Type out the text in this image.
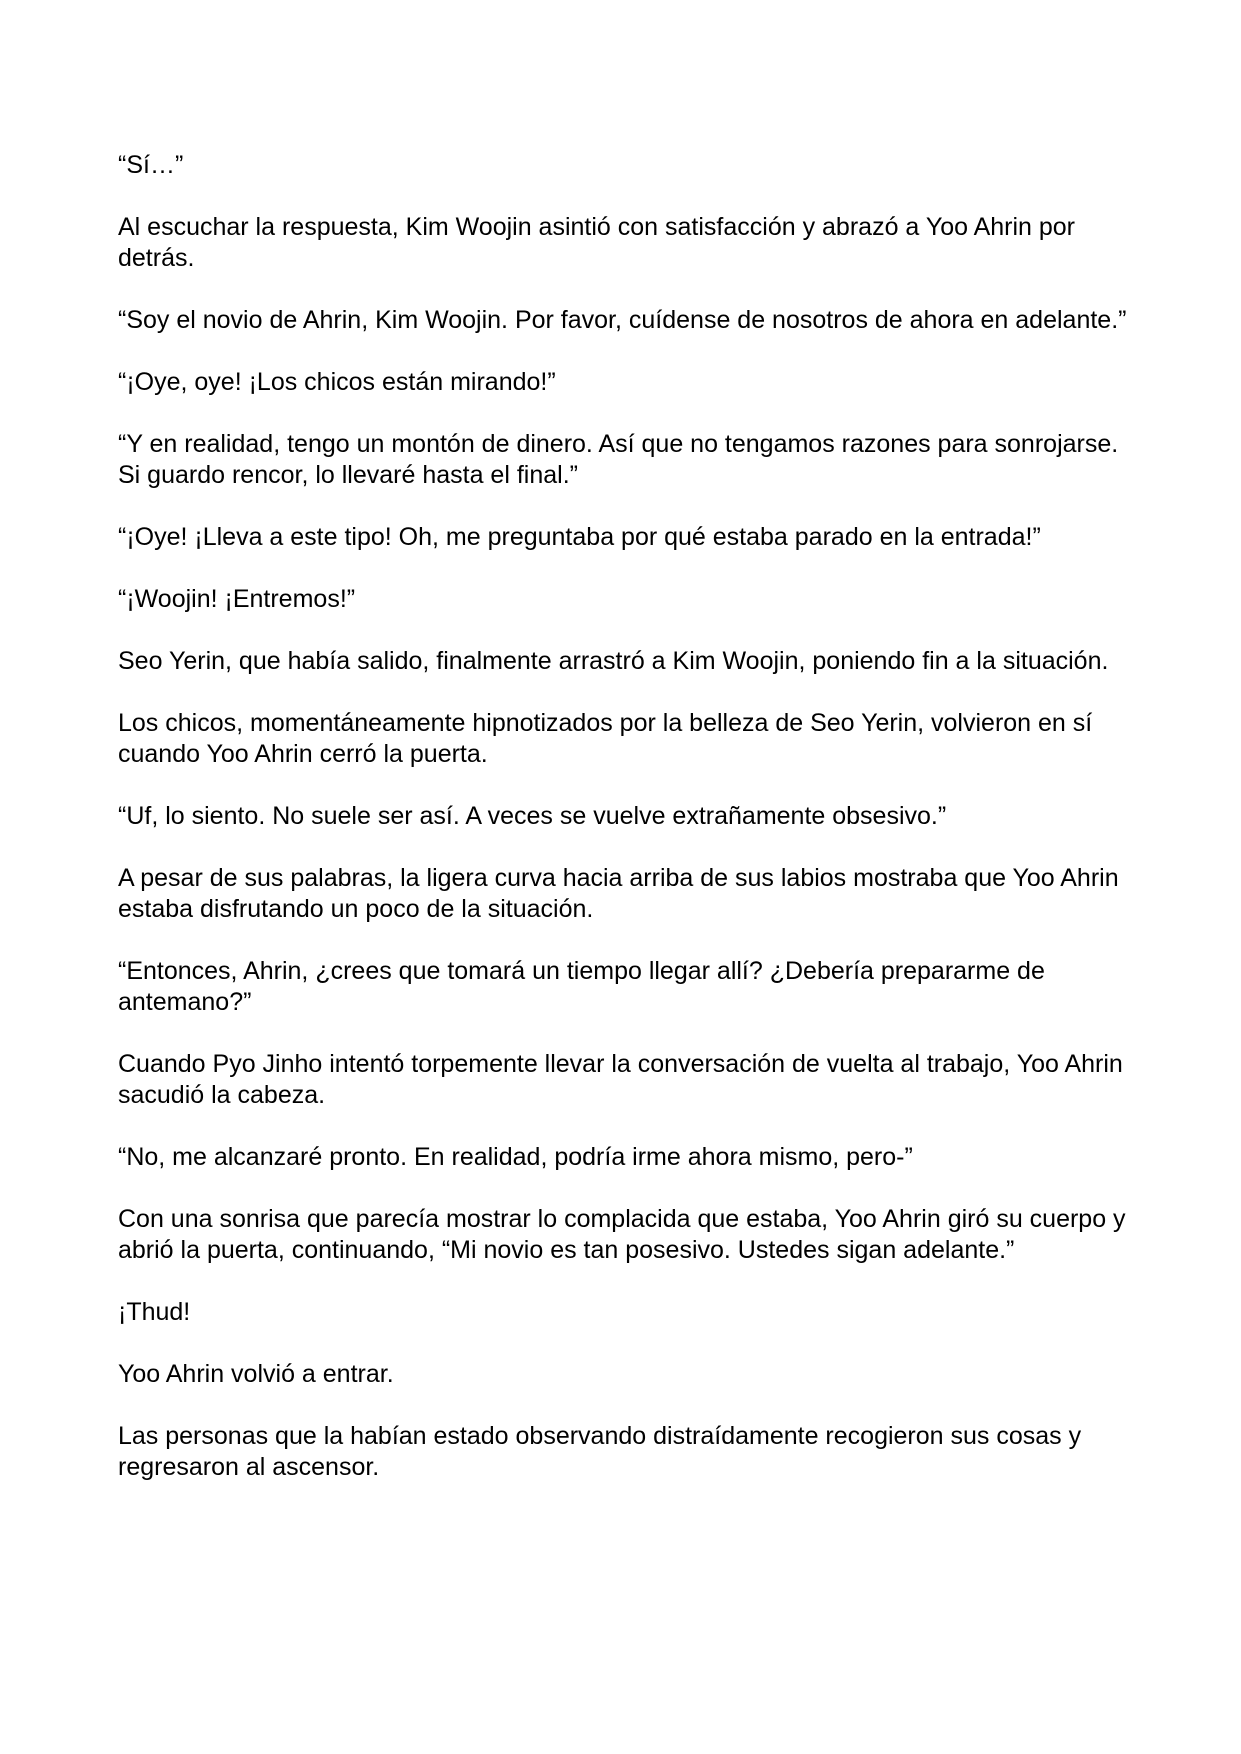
“Sí…”

Al escuchar la respuesta, Kim Woojin asintió con satisfacción y abrazó a Yoo Ahrin por detrás.

“Soy el novio de Ahrin, Kim Woojin. Por favor, cuídense de nosotros de ahora en adelante.”

“¡Oye, oye! ¡Los chicos están mirando!”

“Y en realidad, tengo un montón de dinero. Así que no tengamos razones para sonrojarse. Si guardo rencor, lo llevaré hasta el final.”

“¡Oye! ¡Lleva a este tipo! Oh, me preguntaba por qué estaba parado en la entrada!”

“¡Woojin! ¡Entremos!”

Seo Yerin, que había salido, finalmente arrastró a Kim Woojin, poniendo fin a la situación.

Los chicos, momentáneamente hipnotizados por la belleza de Seo Yerin, volvieron en sí cuando Yoo Ahrin cerró la puerta.

“Uf, lo siento. No suele ser así. A veces se vuelve extrañamente obsesivo.”

A pesar de sus palabras, la ligera curva hacia arriba de sus labios mostraba que Yoo Ahrin estaba disfrutando un poco de la situación.

“Entonces, Ahrin, ¿crees que tomará un tiempo llegar allí? ¿Debería prepararme de antemano?”

Cuando Pyo Jinho intentó torpemente llevar la conversación de vuelta al trabajo, Yoo Ahrin sacudió la cabeza.

“No, me alcanzaré pronto. En realidad, podría irme ahora mismo, pero-”

Con una sonrisa que parecía mostrar lo complacida que estaba, Yoo Ahrin giró su cuerpo y abrió la puerta, continuando, “Mi novio es tan posesivo. Ustedes sigan adelante.”

¡Thud!

Yoo Ahrin volvió a entrar.

Las personas que la habían estado observando distraídamente recogieron sus cosas y regresaron al ascensor.
